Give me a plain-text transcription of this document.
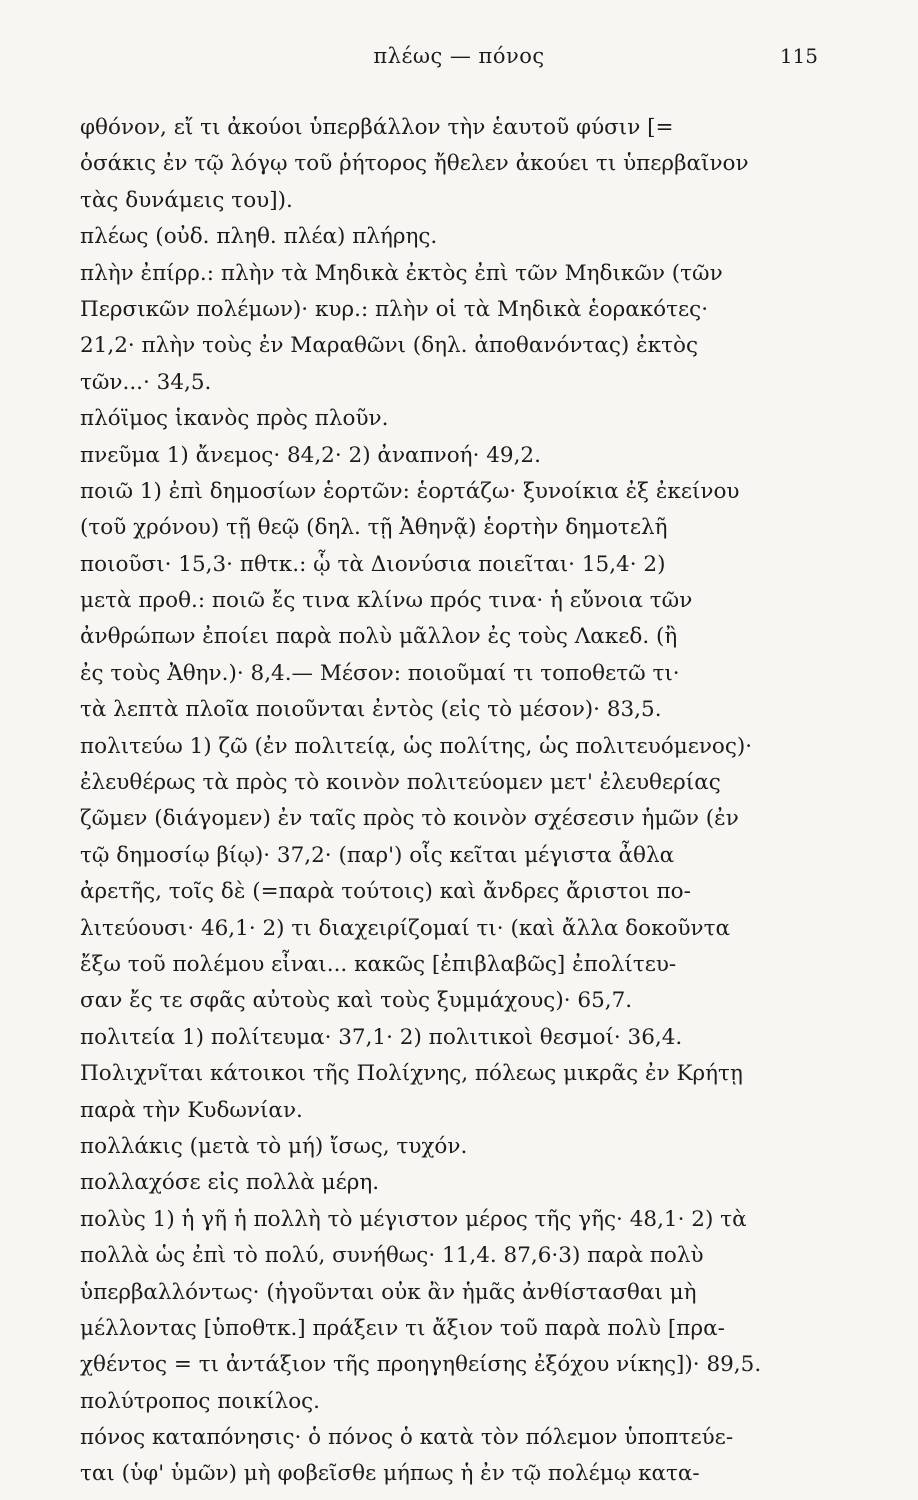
πλέως — πόνος	115
φθόνον, εἴ τι ἀκούοι ὑπερβάλλον τὴν ἑαυτοῦ φύσιν [=
ὁσάκις ἐν τῷ λόγῳ τοῦ ῥήτορος ἤθελεν ἀκούει τι ὑπερβαῖνον
τὰς δυνάμεις του]).
πλέως (οὐδ. πληθ. πλέα) πλήρης.
πλὴν ἐπίρρ.: πλὴν τὰ Μηδικὰ ἐκτὸς ἐπὶ τῶν Μηδικῶν (τῶν
Περσικῶν πολέμων)· κυρ.: πλὴν οἱ τὰ Μηδικὰ ἑορακότες·
21,2· πλὴν τοὺς ἐν Μαραθῶνι (δηλ. ἀποθανόντας) ἐκτὸς
τῶν...· 34,5.
πλόϊμος ἱκανὸς πρὸς πλοῦν.
πνεῦμα 1) ἄνεμος· 84,2· 2) ἀναπνοή· 49,2.
ποιῶ 1) ἐπὶ δημοσίων ἑορτῶν: ἑορτάζω· ξυνοίκια ἐξ ἐκείνου
(τοῦ χρόνου) τῇ θεῷ (δηλ. τῇ Ἀθηνᾷ) ἑορτὴν δημοτελῆ
ποιοῦσι· 15,3· πθτκ.: ᾧ τὰ Διονύσια ποιεῖται· 15,4· 2)
μετὰ προθ.: ποιῶ ἔς τινα κλίνω πρός τινα· ἡ εὔνοια τῶν
ἀνθρώπων ἐποίει παρὰ πολὺ μᾶλλον ἐς τοὺς Λακεδ. (ἢ
ἐς τοὺς Ἀθην.)· 8,4.— Μέσον: ποιοῦμαί τι τοποθετῶ τι·
τὰ λεπτὰ πλοῖα ποιοῦνται ἐντὸς (εἰς τὸ μέσον)· 83,5.
πολιτεύω 1) ζῶ (ἐν πολιτείᾳ, ὡς πολίτης, ὡς πολιτευόμενος)·
ἐλευθέρως τὰ πρὸς τὸ κοινὸν πολιτεύομεν μετ' ἐλευθερίας
ζῶμεν (διάγομεν) ἐν ταῖς πρὸς τὸ κοινὸν σχέσεσιν ἡμῶν (ἐν
τῷ δημοσίῳ βίῳ)· 37,2· (παρ') οἷς κεῖται μέγιστα ἆθλα
ἀρετῆς, τοῖς δὲ (=παρὰ τούτοις) καὶ ἄνδρες ἄριστοι πο-
λιτεύουσι· 46,1· 2) τι διαχειρίζομαί τι· (καὶ ἄλλα δοκοῦντα
ἔξω τοῦ πολέμου εἶναι... κακῶς [ἐπιβλαβῶς] ἐπολίτευ-
σαν ἔς τε σφᾶς αὐτοὺς καὶ τοὺς ξυμμάχους)· 65,7.
πολιτεία 1) πολίτευμα· 37,1· 2) πολιτικοὶ θεσμοί· 36,4.
Πολιχνῖται κάτοικοι τῆς Πολίχνης, πόλεως μικρᾶς ἐν Κρήτῃ
παρὰ τὴν Κυδωνίαν.
πολλάκις (μετὰ τὸ μή) ἴσως, τυχόν.
πολλαχόσε εἰς πολλὰ μέρη.
πολὺς 1) ἡ γῆ ἡ πολλὴ τὸ μέγιστον μέρος τῆς γῆς· 48,1· 2) τὰ
πολλὰ ὡς ἐπὶ τὸ πολύ, συνήθως· 11,4. 87,6·3) παρὰ πολὺ
ὑπερβαλλόντως· (ἡγοῦνται οὐκ ἂν ἡμᾶς ἀνθίστασθαι μὴ
μέλλοντας [ὑποθτκ.] πράξειν τι ἄξιον τοῦ παρὰ πολὺ [πρα-
χθέντος = τι ἀντάξιον τῆς προηγηθείσης ἐξόχου νίκης])· 89,5.
πολύτροπος ποικίλος.
πόνος καταπόνησις· ὁ πόνος ὁ κατὰ τὸν πόλεμον ὑποπτεύε-
ται (ὑφ' ὑμῶν) μὴ φοβεῖσθε μήπως ἡ ἐν τῷ πολέμῳ κατα-
